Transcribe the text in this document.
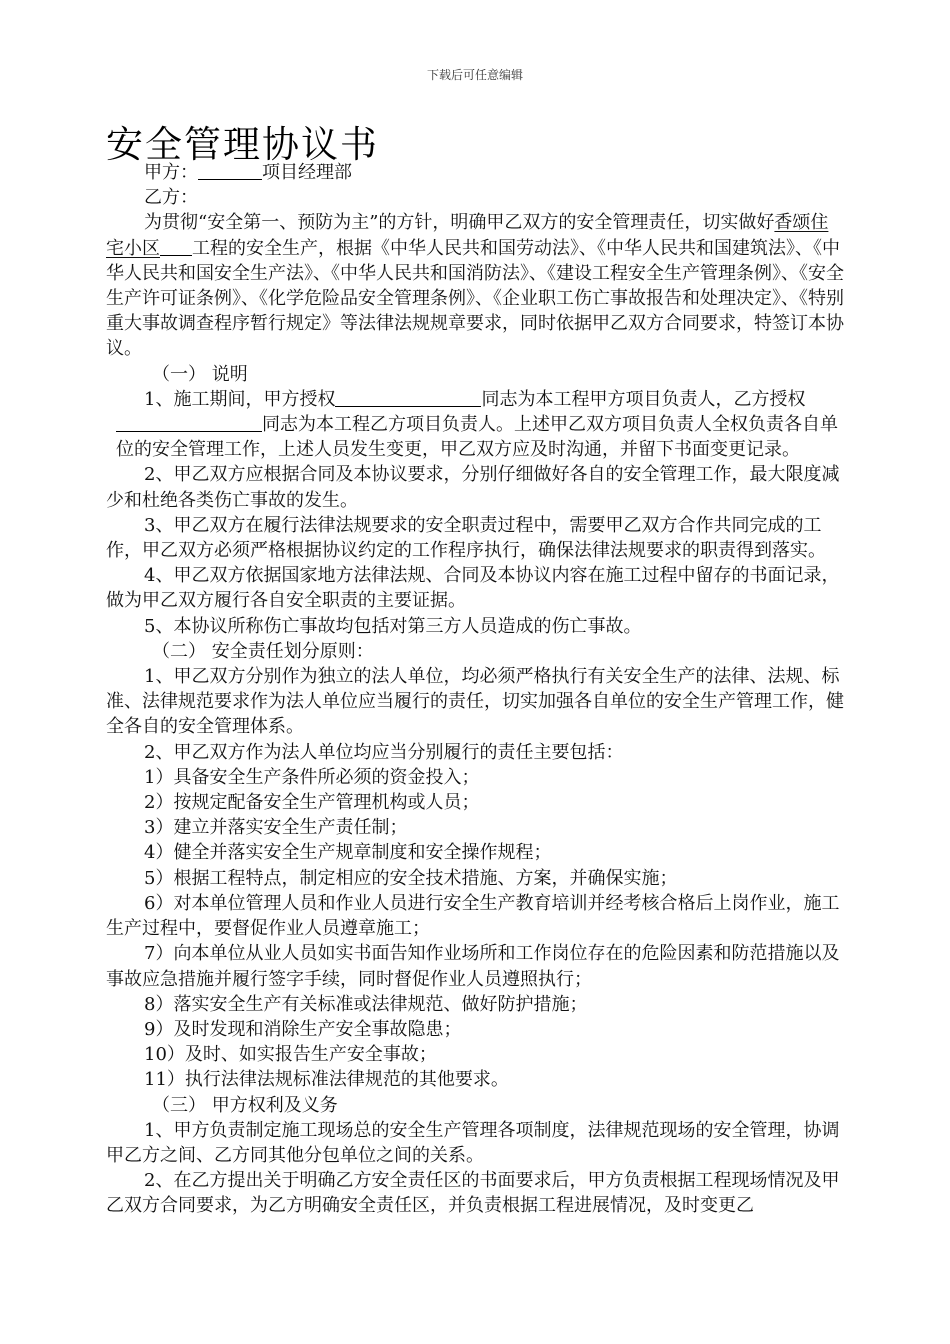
下载后可任意编辑
安全管理协议书

甲方：	项目经理部

乙方：

为贯彻“安全第一、预防为主”的方针，明确甲乙双方的安全管理责任，切实做好香颂住宅小区 工程的安全生产，根据《中华人民共和国劳动法》、《中华人民共和国建筑法》、《中华人民共和国安全生产法》、《中华人民共和国消防法》、《建设工程安全生产管理条例》、《安全生产许可证条例》、《化学危险品安全管理条例》、《企业职工伤亡事故报告和处理决定》、《特别重大事故调查程序暂行规定》等法律法规规章要求，同时依据甲乙双方合同要求，特签订本协议。

（一） 说明

1、施工期间，甲方授权	同志为本工程甲方项目负责人，乙方授权同志为本工程乙方项目负责人。上述甲乙双方项目负责人全权负责各自单位的安全管理工作，上述人员发生变更，甲乙双方应及时沟通，并留下书面变更记录。

2、甲乙双方应根据合同及本协议要求，分别仔细做好各自的安全管理工作，最大限度减少和杜绝各类伤亡事故的发生。

3、甲乙双方在履行法律法规要求的安全职责过程中，需要甲乙双方合作共同完成的工作，甲乙双方必须严格根据协议约定的工作程序执行，确保法律法规要求的职责得到落实。

4、甲乙双方依据国家地方法律法规、合同及本协议内容在施工过程中留存的书面记录，做为甲乙双方履行各自安全职责的主要证据。

5、本协议所称伤亡事故均包括对第三方人员造成的伤亡事故。

（二） 安全责任划分原则：

1、甲乙双方分别作为独立的法人单位，均必须严格执行有关安全生产的法律、法规、标准、法律规范要求作为法人单位应当履行的责任，切实加强各自单位的安全生产管理工作，健全各自的安全管理体系。

2、甲乙双方作为法人单位均应当分别履行的责任主要包括：

1）具备安全生产条件所必须的资金投入；

2）按规定配备安全生产管理机构或人员；

3）建立并落实安全生产责任制；

4）健全并落实安全生产规章制度和安全操作规程；

5）根据工程特点，制定相应的安全技术措施、方案，并确保实施；

6）对本单位管理人员和作业人员进行安全生产教育培训并经考核合格后上岗作业，施工生产过程中，要督促作业人员遵章施工；

7）向本单位从业人员如实书面告知作业场所和工作岗位存在的危险因素和防范措施以及事故应急措施并履行签字手续，同时督促作业人员遵照执行；

8）落实安全生产有关标准或法律规范、做好防护措施；

9）及时发现和消除生产安全事故隐患；

10）及时、如实报告生产安全事故；

11）执行法律法规标准法律规范的其他要求。

（三） 甲方权利及义务

1、甲方负责制定施工现场总的安全生产管理各项制度，法律规范现场的安全管理，协调甲乙方之间、乙方同其他分包单位之间的关系。

2、在乙方提出关于明确乙方安全责任区的书面要求后，甲方负责根据工程现场情况及甲乙双方合同要求，为乙方明确安全责任区，并负责根据工程进展情况，及时变更乙
